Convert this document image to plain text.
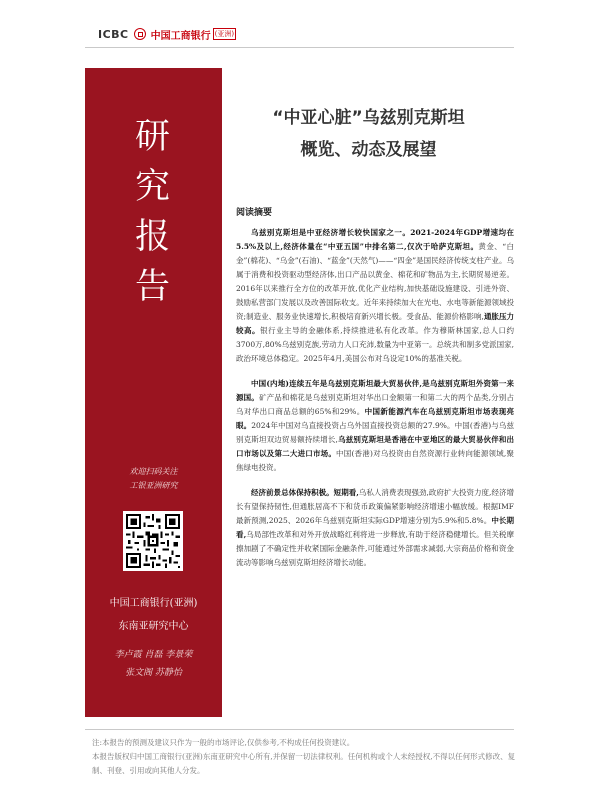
ICBC 中国工商银行 (亚洲)
研
究
报
告
欢迎扫码关注
工银亚洲研究
中国工商银行(亚洲)
东南亚研究中心
李卢霞 肖磊 李景荣
张文阁 苏静怡
“中亚心脏”乌兹别克斯坦
概览、动态及展望
阅读摘要

乌兹别克斯坦是中亚经济增长较快国家之一。2021-2024年GDP增速均在5.5%及以上,经济体量在“中亚五国”中排名第二,仅次于哈萨克斯坦。黄金、“白金”(棉花)、“乌金”(石油)、“蓝金”(天然气)——“四金”是国民经济传统支柱产业。乌属于消费和投资驱动型经济体,出口产品以黄金、棉花和矿物品为主,长期贸易逆差。2016年以来推行全方位的改革开放,优化产业结构,加快基础设施建设、引进外资、鼓励私营部门发展以及改善国际收支。近年来持续加大在光电、水电等新能源领域投资;制造业、服务业快速增长,积极培育新兴增长极。受食品、能源价格影响,通胀压力较高。银行业主导的金融体系,持续推进私有化改革。作为穆斯林国家,总人口约3700万,80%乌兹别克族,劳动力人口充沛,数量为中亚第一。总统共和制多党派国家,政治环境总体稳定。2025年4月,美国公布对乌设定10%的基准关税。

中国(内地)连续五年是乌兹别克斯坦最大贸易伙伴,是乌兹别克斯坦外资第一来源国。矿产品和棉花是乌兹别克斯坦对华出口金额第一和第二大的两个品类,分别占乌对华出口商品总额的65%和29%。中国新能源汽车在乌兹别克斯坦市场表现亮眼。2024年中国对乌直接投资占乌外国直接投资总额的27.9%。中国(香港)与乌兹别克斯坦双边贸易额持续增长,乌兹别克斯坦是香港在中亚地区的最大贸易伙伴和出口市场以及第二大进口市场。中国(香港)对乌投资由自然资源行业转向能源领域,聚焦绿电投资。

经济前景总体保持积极。短期看,乌私人消费表现强劲,政府扩大投资力度,经济增长有望保持韧性,但通胀居高不下和货币政策偏紧影响经济增速小幅放缓。根据IMF最新预测,2025、2026年乌兹别克斯坦实际GDP增速分别为5.9%和5.8%。中长期看,乌局部性改革和对外开放战略红利将进一步释放,有助于经济稳健增长。但关税摩擦加剧了不确定性并收紧国际金融条件,可能通过外部需求减弱,大宗商品价格和资金流动等影响乌兹别克斯坦经济增长动能。

注:本报告的预测及建议只作为一般的市场评论,仅供参考,不构成任何投资建议。
本报告版权归中国工商银行(亚洲)东南亚研究中心所有,并保留一切法律权利。任何机构或个人未经授权,不得以任何形式修改、复制、刊登、引用或向其他人分发。
